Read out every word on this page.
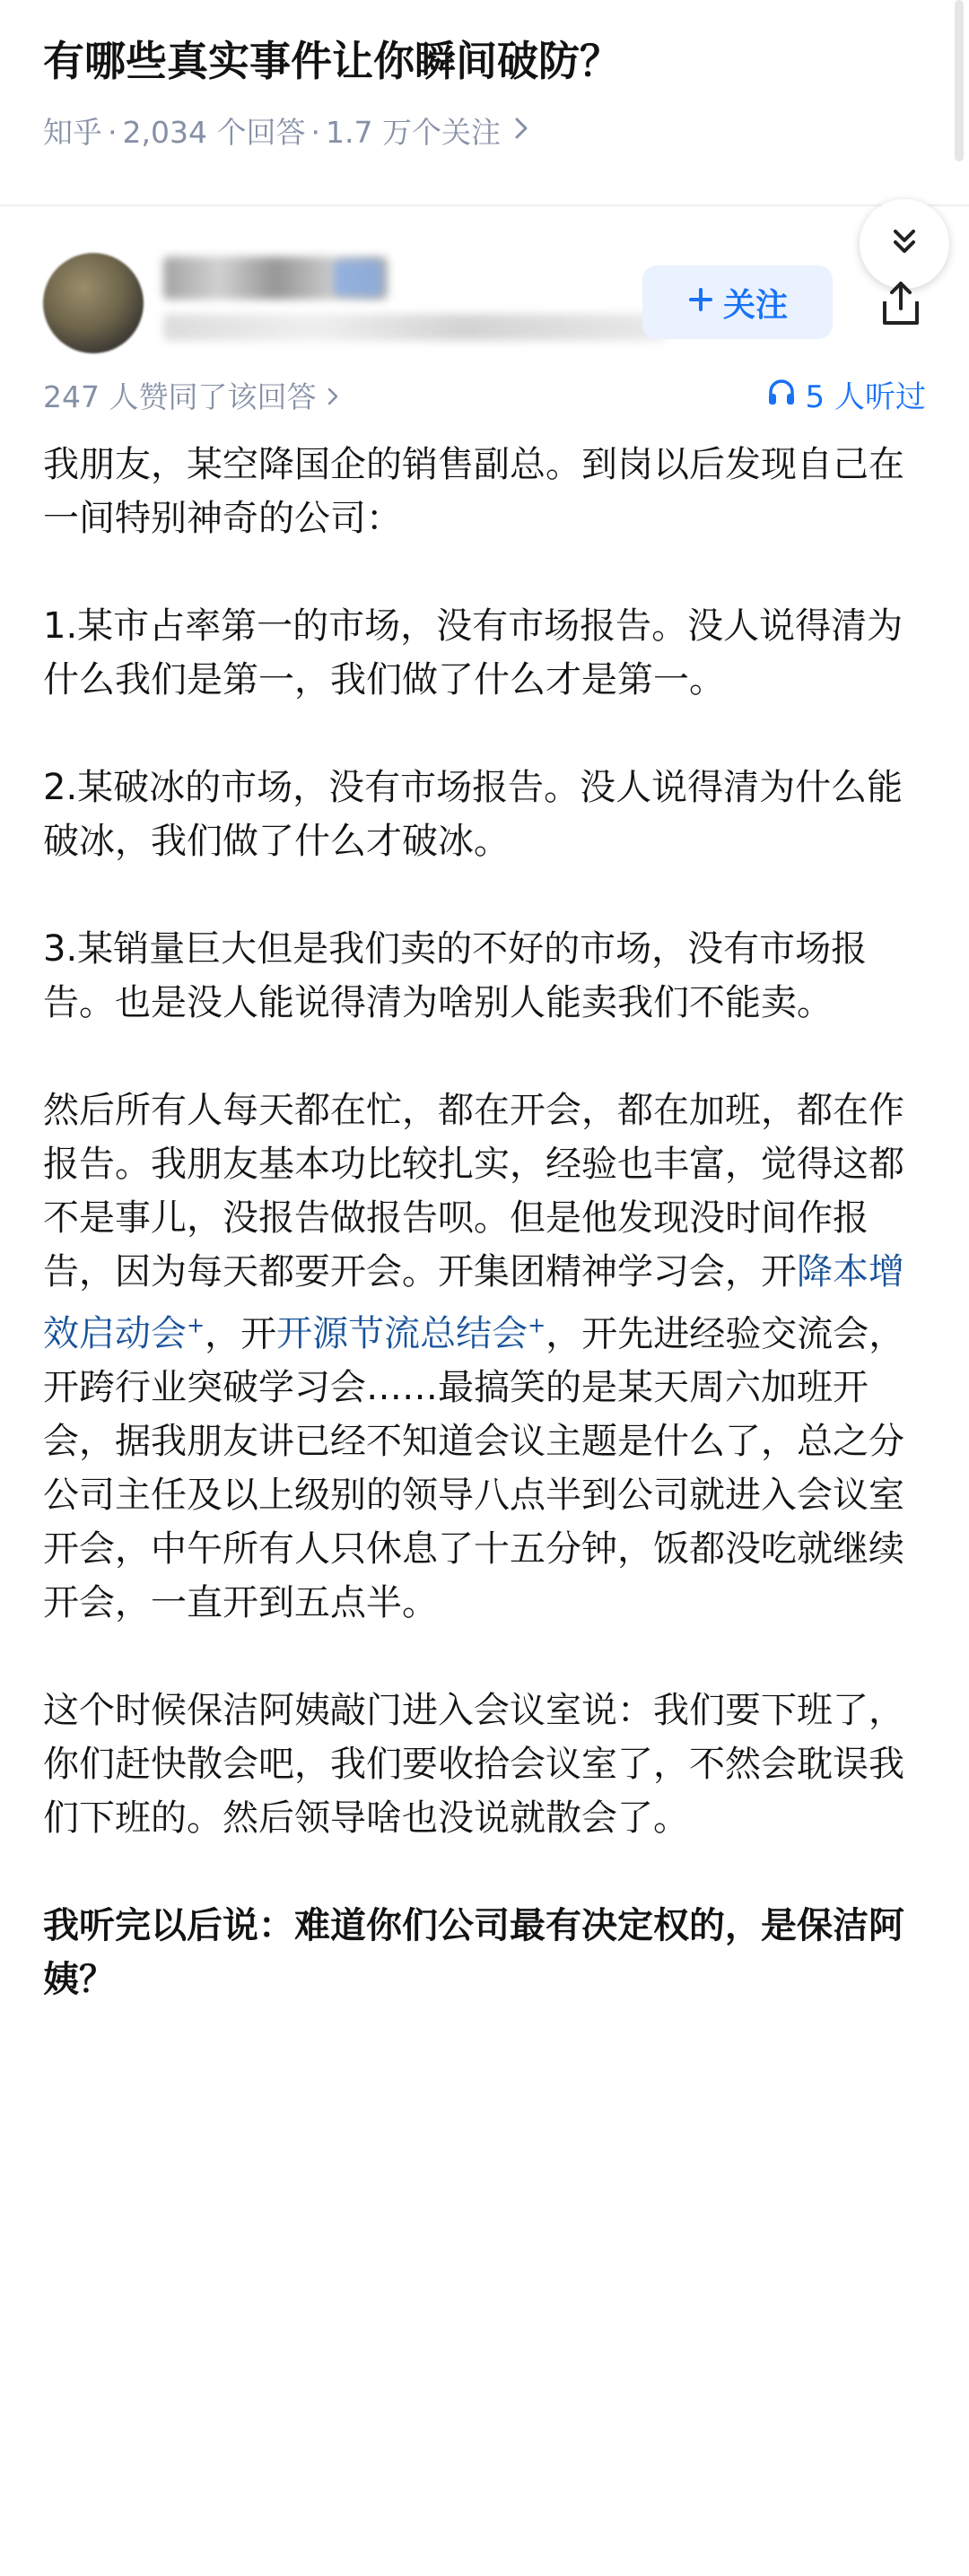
有哪些真实事件让你瞬间破防？
知乎 · 2,034 个回答 · 1.7 万个关注
关注
247 人赞同了该回答	5 人听过

我朋友，某空降国企的销售副总。到岗以后发现自己在一间特别神奇的公司：

1.某市占率第一的市场，没有市场报告。没人说得清为什么我们是第一，我们做了什么才是第一。

2.某破冰的市场，没有市场报告。没人说得清为什么能破冰，我们做了什么才破冰。

3.某销量巨大但是我们卖的不好的市场，没有市场报告。也是没人能说得清为啥别人能卖我们不能卖。

然后所有人每天都在忙，都在开会，都在加班，都在作报告。我朋友基本功比较扎实，经验也丰富，觉得这都不是事儿，没报告做报告呗。但是他发现没时间作报告，因为每天都要开会。开集团精神学习会，开降本增效启动会+，开开源节流总结会+，开先进经验交流会，开跨行业突破学习会……最搞笑的是某天周六加班开会，据我朋友讲已经不知道会议主题是什么了，总之分公司主任及以上级别的领导八点半到公司就进入会议室开会，中午所有人只休息了十五分钟，饭都没吃就继续开会，一直开到五点半。

这个时候保洁阿姨敲门进入会议室说：我们要下班了，你们赶快散会吧，我们要收拾会议室了，不然会耽误我们下班的。然后领导啥也没说就散会了。

我听完以后说：难道你们公司最有决定权的，是保洁阿姨？
